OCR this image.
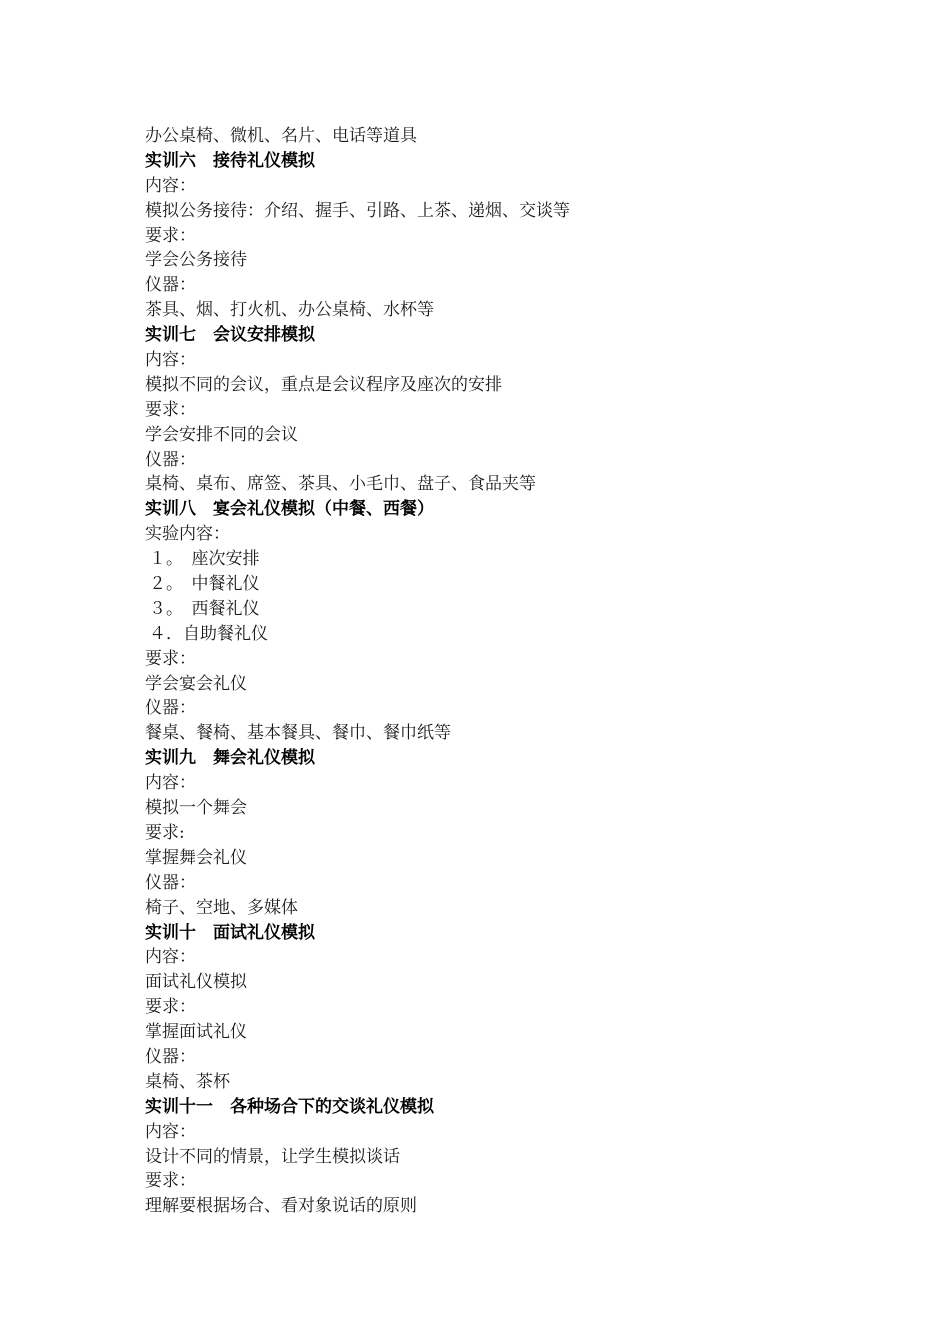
办公桌椅、微机、名片、电话等道具
实训六　接待礼仪模拟
内容：
模拟公务接待：介绍、握手、引路、上茶、递烟、交谈等
要求：
学会公务接待
仪器：
茶具、烟、打火机、办公桌椅、水杯等
实训七　会议安排模拟
内容：
模拟不同的会议，重点是会议程序及座次的安排
要求：
学会安排不同的会议
仪器：
桌椅、桌布、席签、茶具、小毛巾、盘子、食品夹等
实训八　宴会礼仪模拟（中餐、西餐）
实验内容：
１。　座次安排
２。　中餐礼仪
３。　西餐礼仪
４．自助餐礼仪
要求：
学会宴会礼仪
仪器：
餐桌、餐椅、基本餐具、餐巾、餐巾纸等
实训九　舞会礼仪模拟
内容：
模拟一个舞会
要求:
掌握舞会礼仪
仪器：
椅子、空地、多媒体
实训十　面试礼仪模拟
内容：
面试礼仪模拟
要求：
掌握面试礼仪
仪器：
桌椅、茶杯
实训十一　各种场合下的交谈礼仪模拟
内容：
设计不同的情景，让学生模拟谈话
要求：
理解要根据场合、看对象说话的原则
